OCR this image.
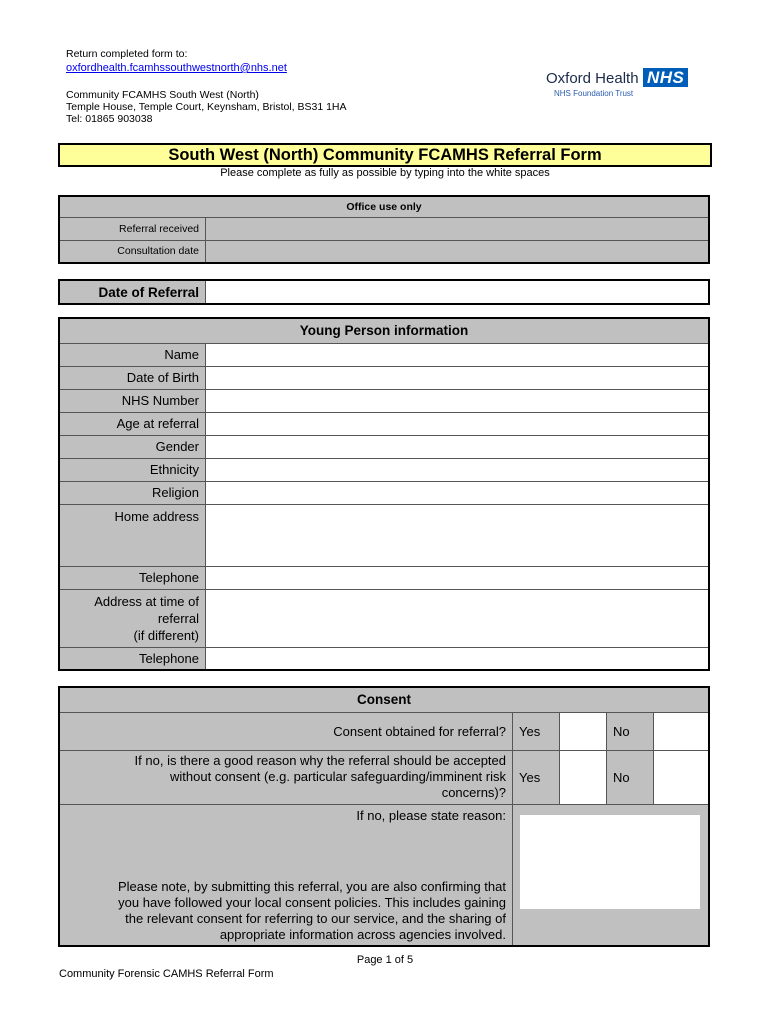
Return completed form to:
oxfordhealth.fcamhssouthwestnorth@nhs.net
Community FCAMHS South West (North)
Temple House, Temple Court, Keynsham, Bristol, BS31 1HA
Tel: 01865 903038
Oxford Health NHS
NHS Foundation Trust
South West (North) Community FCAMHS Referral Form
Please complete as fully as possible by typing into the white spaces
Office use only	
Referral received	
Consultation date	
Date of Referral	
Young Person information	
Name	
Date of Birth	
NHS Number	
Age at referral	
Gender	
Ethnicity	
Religion	
Home address	
Telephone	

Address at time of
referral
(if different)	

Telephone	
Consent				
Consent obtained for referral?	Yes		No	

If no, is there a good reason why the referral should be accepted
without consent (e.g. particular safeguarding/imminent risk
concerns)?	Yes		No	

If no, please state reason:
Please note, by submitting this referral, you are also confirming that
you have followed your local consent policies. This includes gaining
the relevant consent for referring to our service, and the sharing of
appropriate information across agencies involved.				

Page 1 of 5
Community Forensic CAMHS Referral Form
